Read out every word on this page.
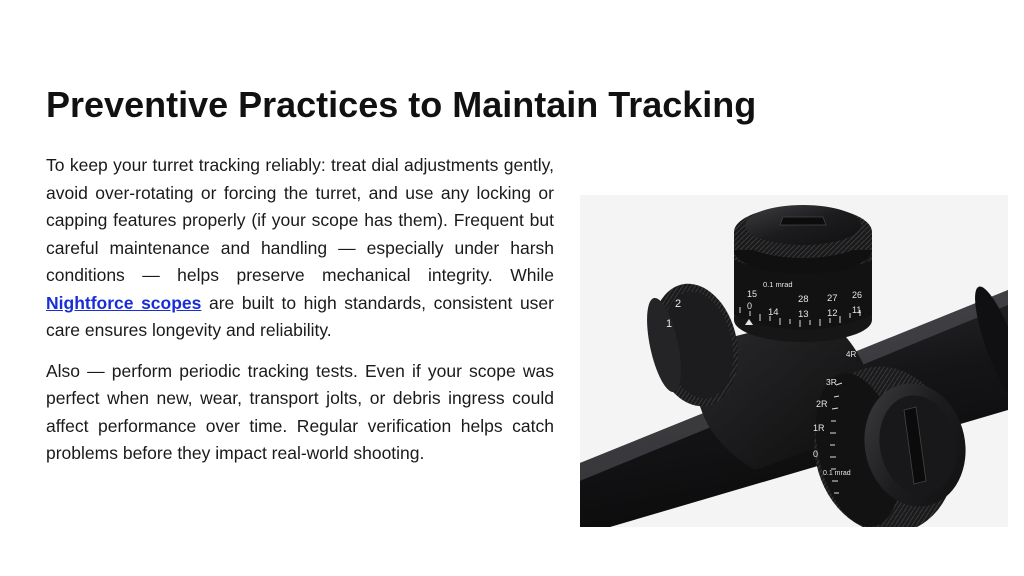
Preventive Practices to Maintain Tracking

To keep your turret tracking reliably: treat dial adjustments gently, avoid over-rotating or forcing the turret, and use any locking or capping features properly (if your scope has them). Frequent but careful maintenance and handling — especially under harsh conditions — helps preserve mechanical integrity. While Nightforce scopes are built to high standards, consistent user care ensures longevity and reliability.

Also — perform periodic tracking tests. Even if your scope was perfect when new, wear, transport jolts, or debris ingress could affect performance over time. Regular verification helps catch problems before they impact real-world shooting.

2
1
0.1 mrad
15	28 27 26
0
14 13 12 11
4R
3R
2R
1R
0
0.1 mrad
